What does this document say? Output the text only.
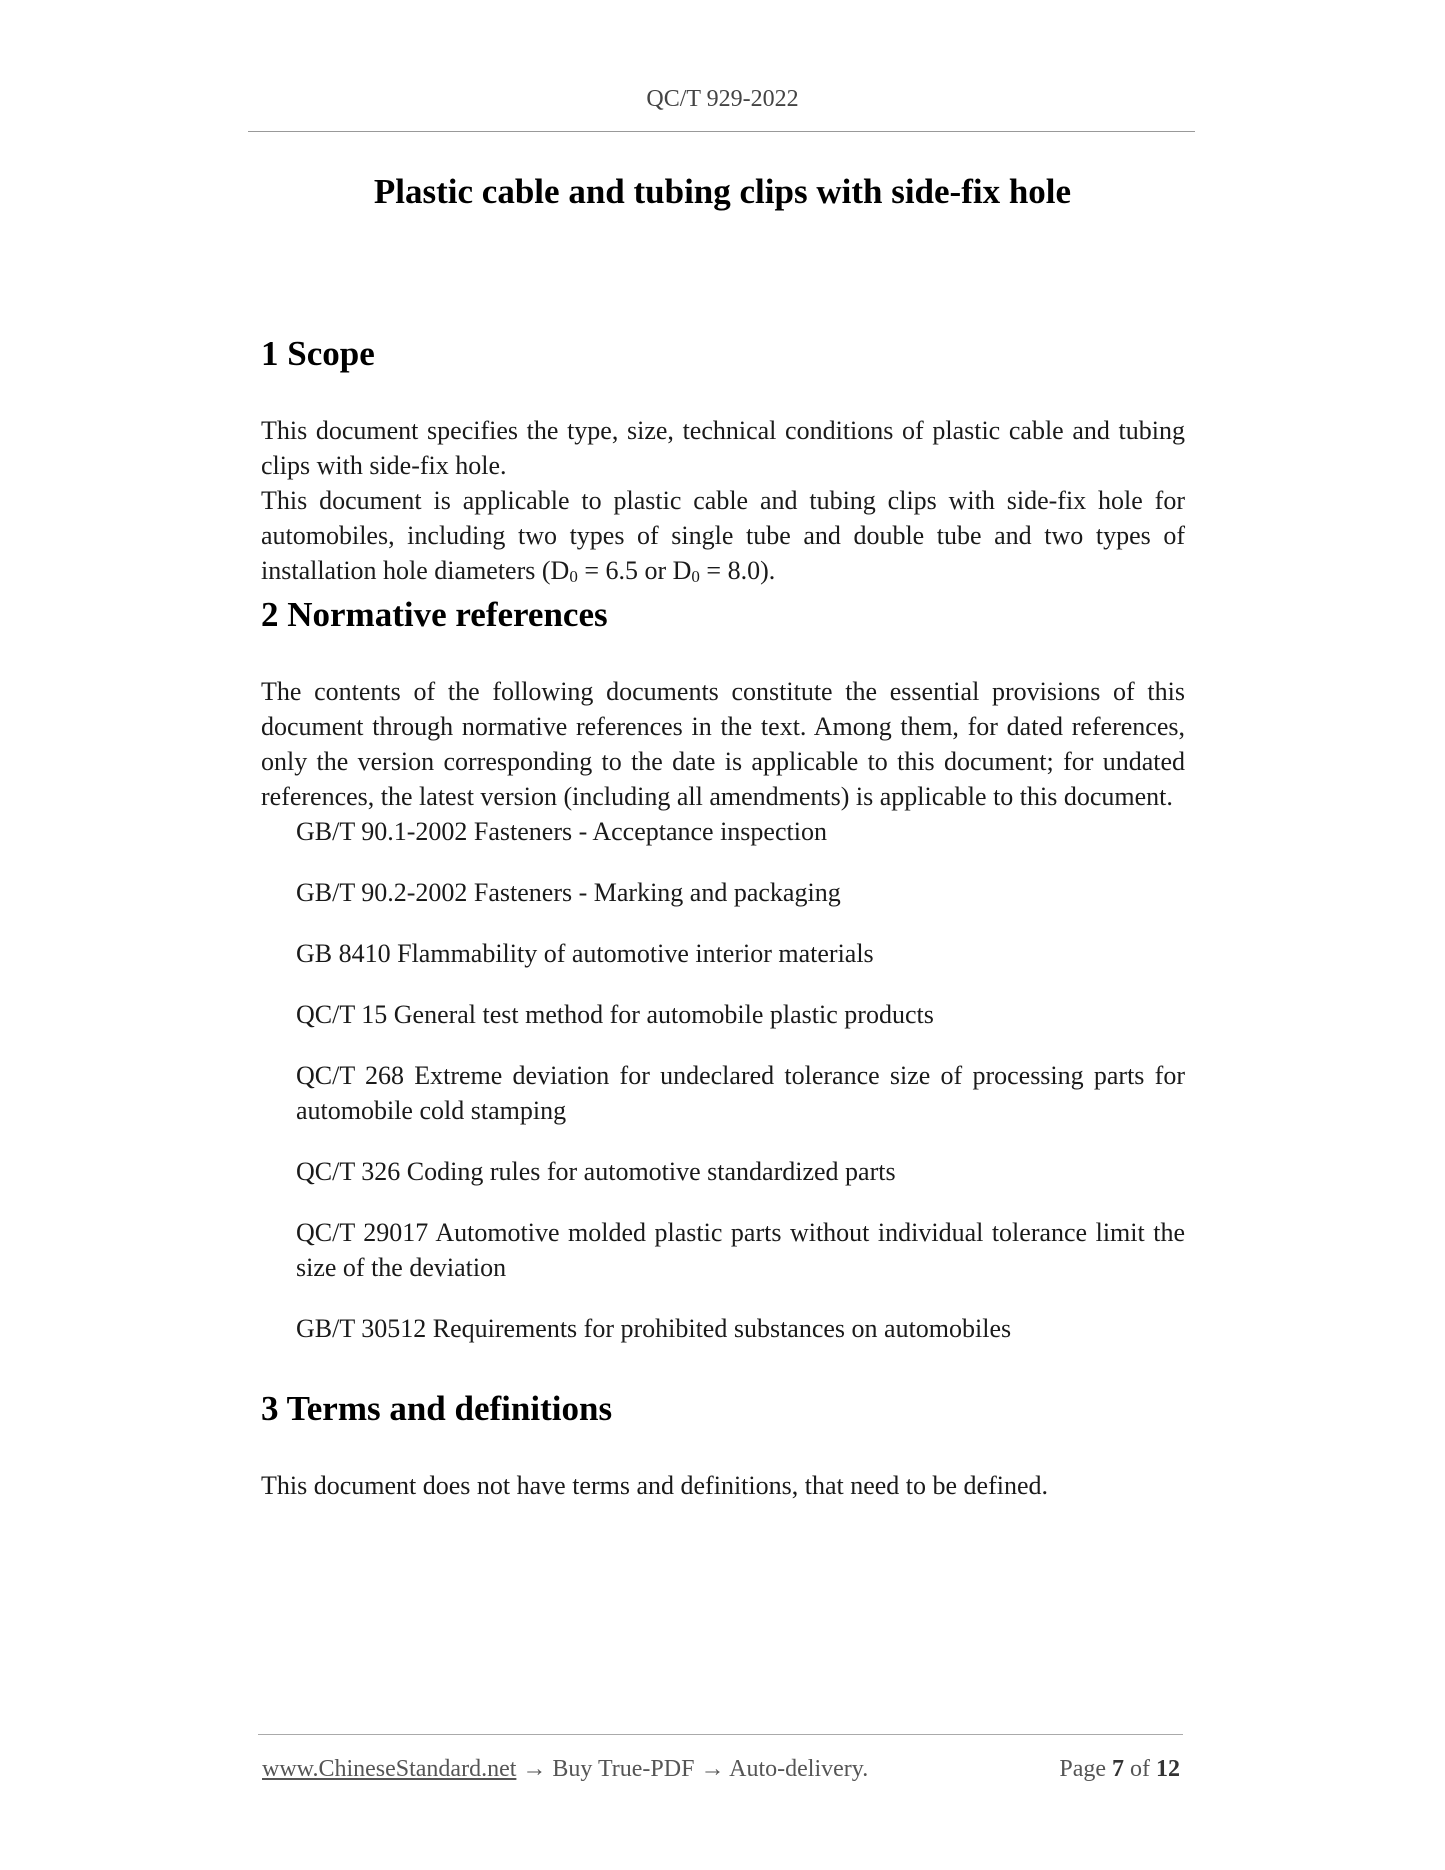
QC/T 929-2022
Plastic cable and tubing clips with side-fix hole
1 Scope

This document specifies the type, size, technical conditions of plastic cable and tubing clips with side-fix hole.

This document is applicable to plastic cable and tubing clips with side-fix hole for automobiles, including two types of single tube and double tube and two types of installation hole diameters ($D_0 = 6.5$ or $D_0 = 8.0$).

2 Normative references

The contents of the following documents constitute the essential provisions of this document through normative references in the text. Among them, for dated references, only the version corresponding to the date is applicable to this document; for undated references, the latest version (including all amendments) is applicable to this document.

GB/T 90.1-2002 Fasteners - Acceptance inspection
GB/T 90.2-2002 Fasteners - Marking and packaging
GB 8410 Flammability of automotive interior materials
QC/T 15 General test method for automobile plastic products
QC/T 268 Extreme deviation for undeclared tolerance size of processing parts for automobile cold stamping
QC/T 326 Coding rules for automotive standardized parts
QC/T 29017 Automotive molded plastic parts without individual tolerance limit the size of the deviation
GB/T 30512 Requirements for prohibited substances on automobiles
3 Terms and definitions

This document does not have terms and definitions, that need to be defined.

www.ChineseStandard.net → Buy True-PDF → Auto-delivery.	Page 7 of 12
